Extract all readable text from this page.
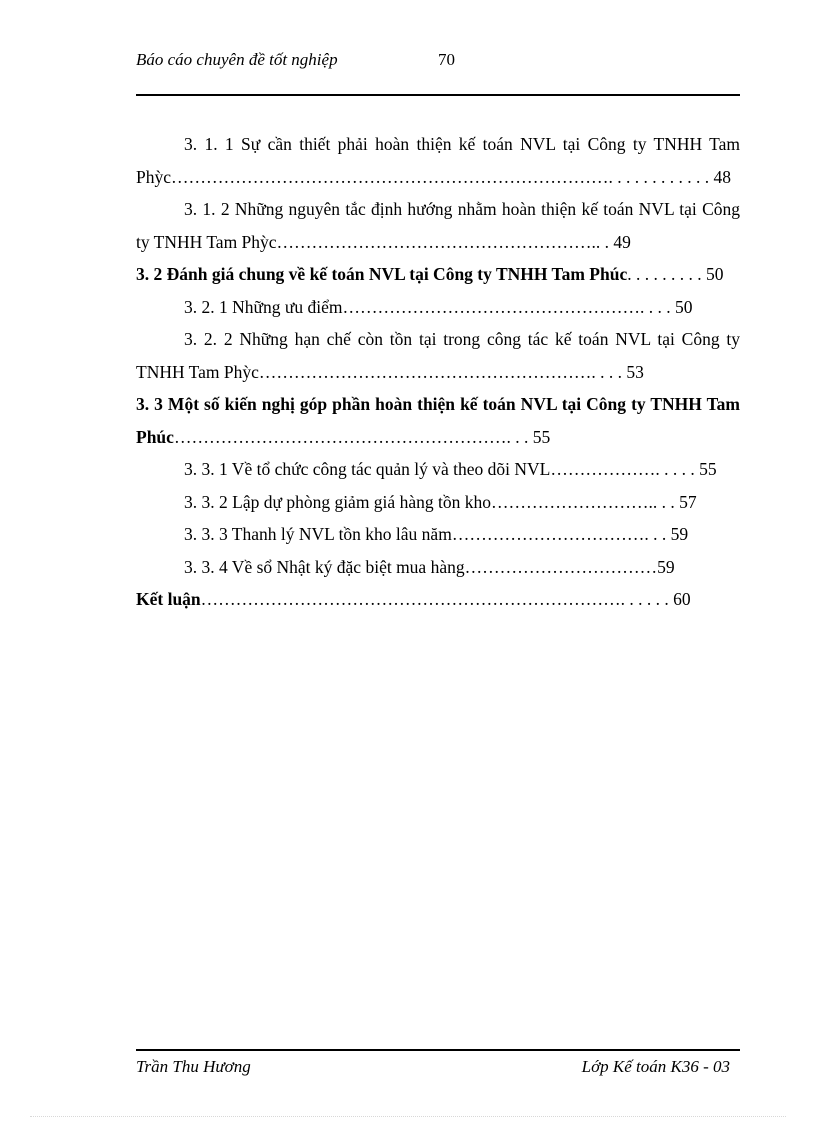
Báo cáo chuyên đề tốt nghiệp	70
3. 1. 1 Sự cần thiết phải hoàn thiện kế toán NVL tại Công ty TNHH Tam Phỳc…………………………………………………………………. . . . . . . . . . . . 48
3. 1. 2 Những nguyên tắc định hướng nhằm hoàn thiện kế toán NVL tại Công ty TNHH Tam Phỳc……………………………………………….. . 49
3. 2 Đánh giá chung về kế toán NVL tại Công ty TNHH Tam Phúc. . . . . . . . . 50
3. 2. 1 Những ưu điểm……………………………………………. . . . 50
3. 2. 2 Những hạn chế còn tồn tại trong công tác kế toán NVL tại Công ty TNHH Tam Phỳc…………………………………………………. . . . 53
3. 3 Một số kiến nghị góp phần hoàn thiện kế toán NVL tại Công ty TNHH Tam Phúc…………………………………………………. . . 55
3. 3. 1 Về tổ chức công tác quản lý và theo dõi NVL………………. . . . . 55
3. 3. 2 Lập dự phòng giảm giá hàng tồn kho……………………….. . . 57
3. 3. 3 Thanh lý NVL tồn kho lâu năm……………………………. . . 59
3. 3. 4 Về sổ Nhật ký đặc biệt mua hàng……………………………59
Kết luận………………………………………………………………. . . . . . 60
Trần Thu Hương	Lớp Kế toán K36 - 03
